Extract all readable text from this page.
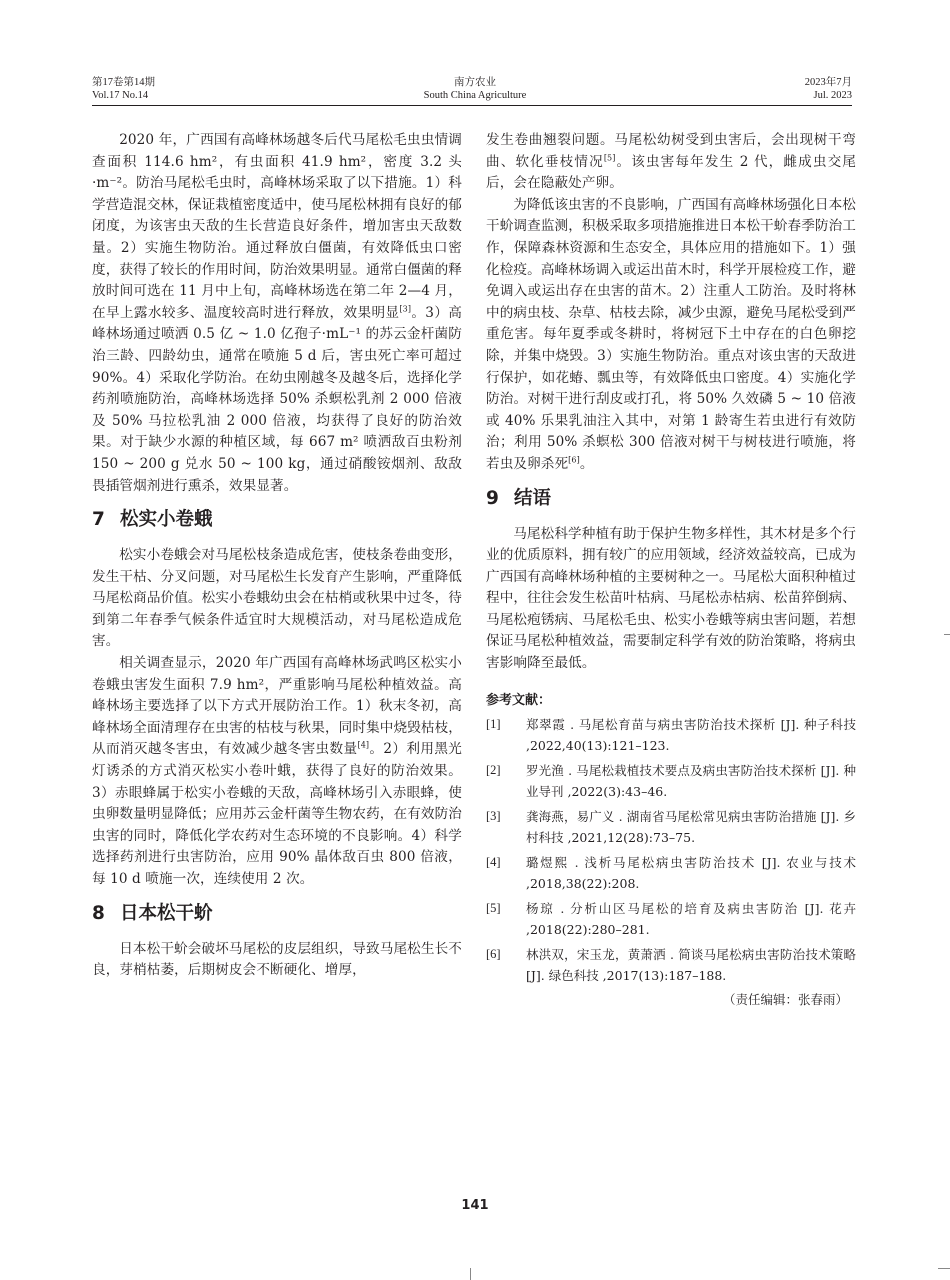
第17卷第14期
Vol.17 No.14
南方农业
South China Agriculture
2023年7月
Jul. 2023

2020 年，广西国有高峰林场越冬后代马尾松毛虫虫情调查面积 114.6 hm²，有虫面积 41.9 hm²，密度 3.2 头·m⁻²。防治马尾松毛虫时，高峰林场采取了以下措施。1）科学营造混交林，保证栽植密度适中，使马尾松林拥有良好的郁闭度，为该害虫天敌的生长营造良好条件，增加害虫天敌数量。2）实施生物防治。通过释放白僵菌，有效降低虫口密度，获得了较长的作用时间，防治效果明显。通常白僵菌的释放时间可选在 11 月中上旬，高峰林场选在第二年 2—4 月，在早上露水较多、温度较高时进行释放，效果明显[3]。3）高峰林场通过喷洒 0.5 亿 ~ 1.0 亿孢子·mL⁻¹ 的苏云金杆菌防治三龄、四龄幼虫，通常在喷施 5 d 后，害虫死亡率可超过 90%。4）采取化学防治。在幼虫刚越冬及越冬后，选择化学药剂喷施防治，高峰林场选择 50% 杀螟松乳剂 2 000 倍液及 50% 马拉松乳油 2 000 倍液，均获得了良好的防治效果。对于缺少水源的种植区域，每 667 m² 喷洒敌百虫粉剂 150 ~ 200 g 兑水 50 ~ 100 kg，通过硝酸铵烟剂、敌敌畏插管烟剂进行熏杀，效果显著。

7 松实小卷蛾

松实小卷蛾会对马尾松枝条造成危害，使枝条卷曲变形，发生干枯、分叉问题，对马尾松生长发育产生影响，严重降低马尾松商品价值。松实小卷蛾幼虫会在枯梢或秋果中过冬，待到第二年春季气候条件适宜时大规模活动，对马尾松造成危害。

相关调查显示，2020 年广西国有高峰林场武鸣区松实小卷蛾虫害发生面积 7.9 hm²，严重影响马尾松种植效益。高峰林场主要选择了以下方式开展防治工作。1）秋末冬初，高峰林场全面清理存在虫害的枯枝与秋果，同时集中烧毁枯枝，从而消灭越冬害虫，有效减少越冬害虫数量[4]。2）利用黑光灯诱杀的方式消灭松实小卷叶蛾，获得了良好的防治效果。3）赤眼蜂属于松实小卷蛾的天敌，高峰林场引入赤眼蜂，使虫卵数量明显降低；应用苏云金杆菌等生物农药，在有效防治虫害的同时，降低化学农药对生态环境的不良影响。4）科学选择药剂进行虫害防治，应用 90% 晶体敌百虫 800 倍液，每 10 d 喷施一次，连续使用 2 次。

8 日本松干蚧

日本松干蚧会破坏马尾松的皮层组织，导致马尾松生长不良，芽梢枯萎，后期树皮会不断硬化、增厚，

发生卷曲翘裂问题。马尾松幼树受到虫害后，会出现树干弯曲、软化垂枝情况[5]。该虫害每年发生 2 代，雌成虫交尾后，会在隐蔽处产卵。

为降低该虫害的不良影响，广西国有高峰林场强化日本松干蚧调查监测，积极采取多项措施推进日本松干蚧春季防治工作，保障森林资源和生态安全，具体应用的措施如下。1）强化检疫。高峰林场调入或运出苗木时，科学开展检疫工作，避免调入或运出存在虫害的苗木。2）注重人工防治。及时将林中的病虫枝、杂草、枯枝去除，减少虫源，避免马尾松受到严重危害。每年夏季或冬耕时，将树冠下土中存在的白色卵挖除，并集中烧毁。3）实施生物防治。重点对该虫害的天敌进行保护，如花蝽、瓢虫等，有效降低虫口密度。4）实施化学防治。对树干进行刮皮或打孔，将 50% 久效磷 5 ~ 10 倍液或 40% 乐果乳油注入其中，对第 1 龄寄生若虫进行有效防治；利用 50% 杀螟松 300 倍液对树干与树枝进行喷施，将若虫及卵杀死[6]。

9 结语

马尾松科学种植有助于保护生物多样性，其木材是多个行业的优质原料，拥有较广的应用领域，经济效益较高，已成为广西国有高峰林场种植的主要树种之一。马尾松大面积种植过程中，往往会发生松苗叶枯病、马尾松赤枯病、松苗猝倒病、马尾松疱锈病、马尾松毛虫、松实小卷蛾等病虫害问题，若想保证马尾松种植效益，需要制定科学有效的防治策略，将病虫害影响降至最低。

参考文献：
[1]	郑翠霞 . 马尾松育苗与病虫害防治技术探析 [J]. 种子科技 ,2022,40(13):121–123.
[2]	罗光渔 . 马尾松栽植技术要点及病虫害防治技术探析 [J]. 种业导刊 ,2022(3):43–46.
[3]	龚海燕，易广义 . 湖南省马尾松常见病虫害防治措施 [J]. 乡村科技 ,2021,12(28):73–75.
[4]	璐煜熙 . 浅析马尾松病虫害防治技术 [J]. 农业与技术 ,2018,38(22):208.
[5]	杨琼 . 分析山区马尾松的培育及病虫害防治 [J]. 花卉 ,2018(22):280–281.
[6]	林洪双，宋玉龙，黄萧洒 . 简谈马尾松病虫害防治技术策略 [J]. 绿色科技 ,2017(13):187–188.
（责任编辑：张春雨）
141
